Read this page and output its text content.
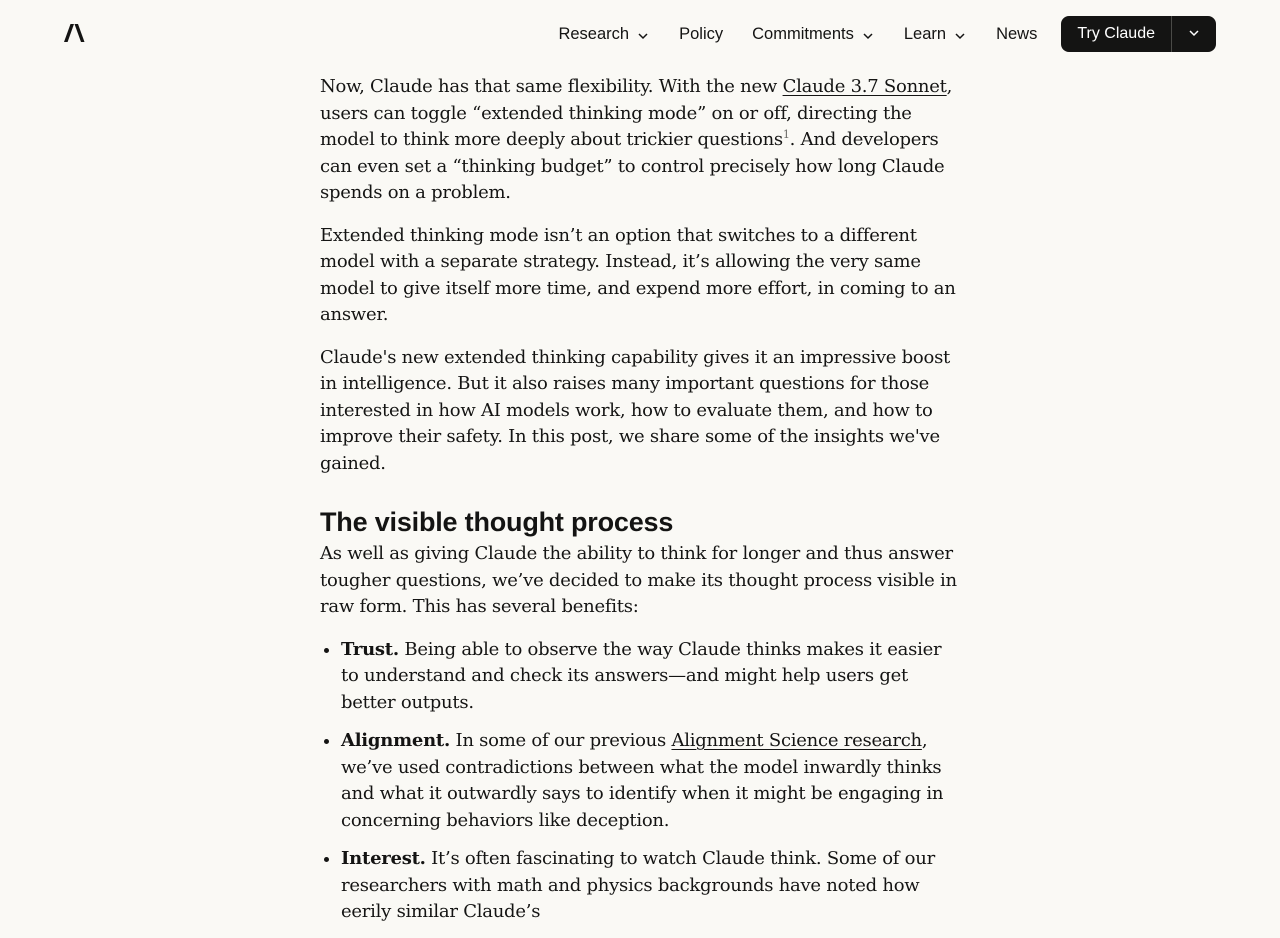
Research	Policy Commitments	Learn	News	Try Claude

Now, Claude has that same flexibility. With the new Claude 3.7 Sonnet, users can toggle “extended thinking mode” on or off, directing the model to think more deeply about trickier questions$^1$. And developers can even set a “thinking budget” to control precisely how long Claude spends on a problem.

Extended thinking mode isn’t an option that switches to a different model with a separate strategy. Instead, it’s allowing the very same model to give itself more time, and expend more effort, in coming to an answer.

Claude's new extended thinking capability gives it an impressive boost in intelligence. But it also raises many important questions for those interested in how AI models work, how to evaluate them, and how to improve their safety. In this post, we share some of the insights we've gained.

The visible thought process

As well as giving Claude the ability to think for longer and thus answer tougher questions, we’ve decided to make its thought process visible in raw form. This has several benefits:

• Trust. Being able to observe the way Claude thinks makes it easier to understand and check its answers—and might help users get better outputs.
• Alignment. In some of our previous Alignment Science research, we’ve used contradictions between what the model inwardly thinks and what it outwardly says to identify when it might be engaging in concerning behaviors like deception.
• Interest. It’s often fascinating to watch Claude think. Some of our researchers with math and physics backgrounds have noted how eerily similar Claude’s
